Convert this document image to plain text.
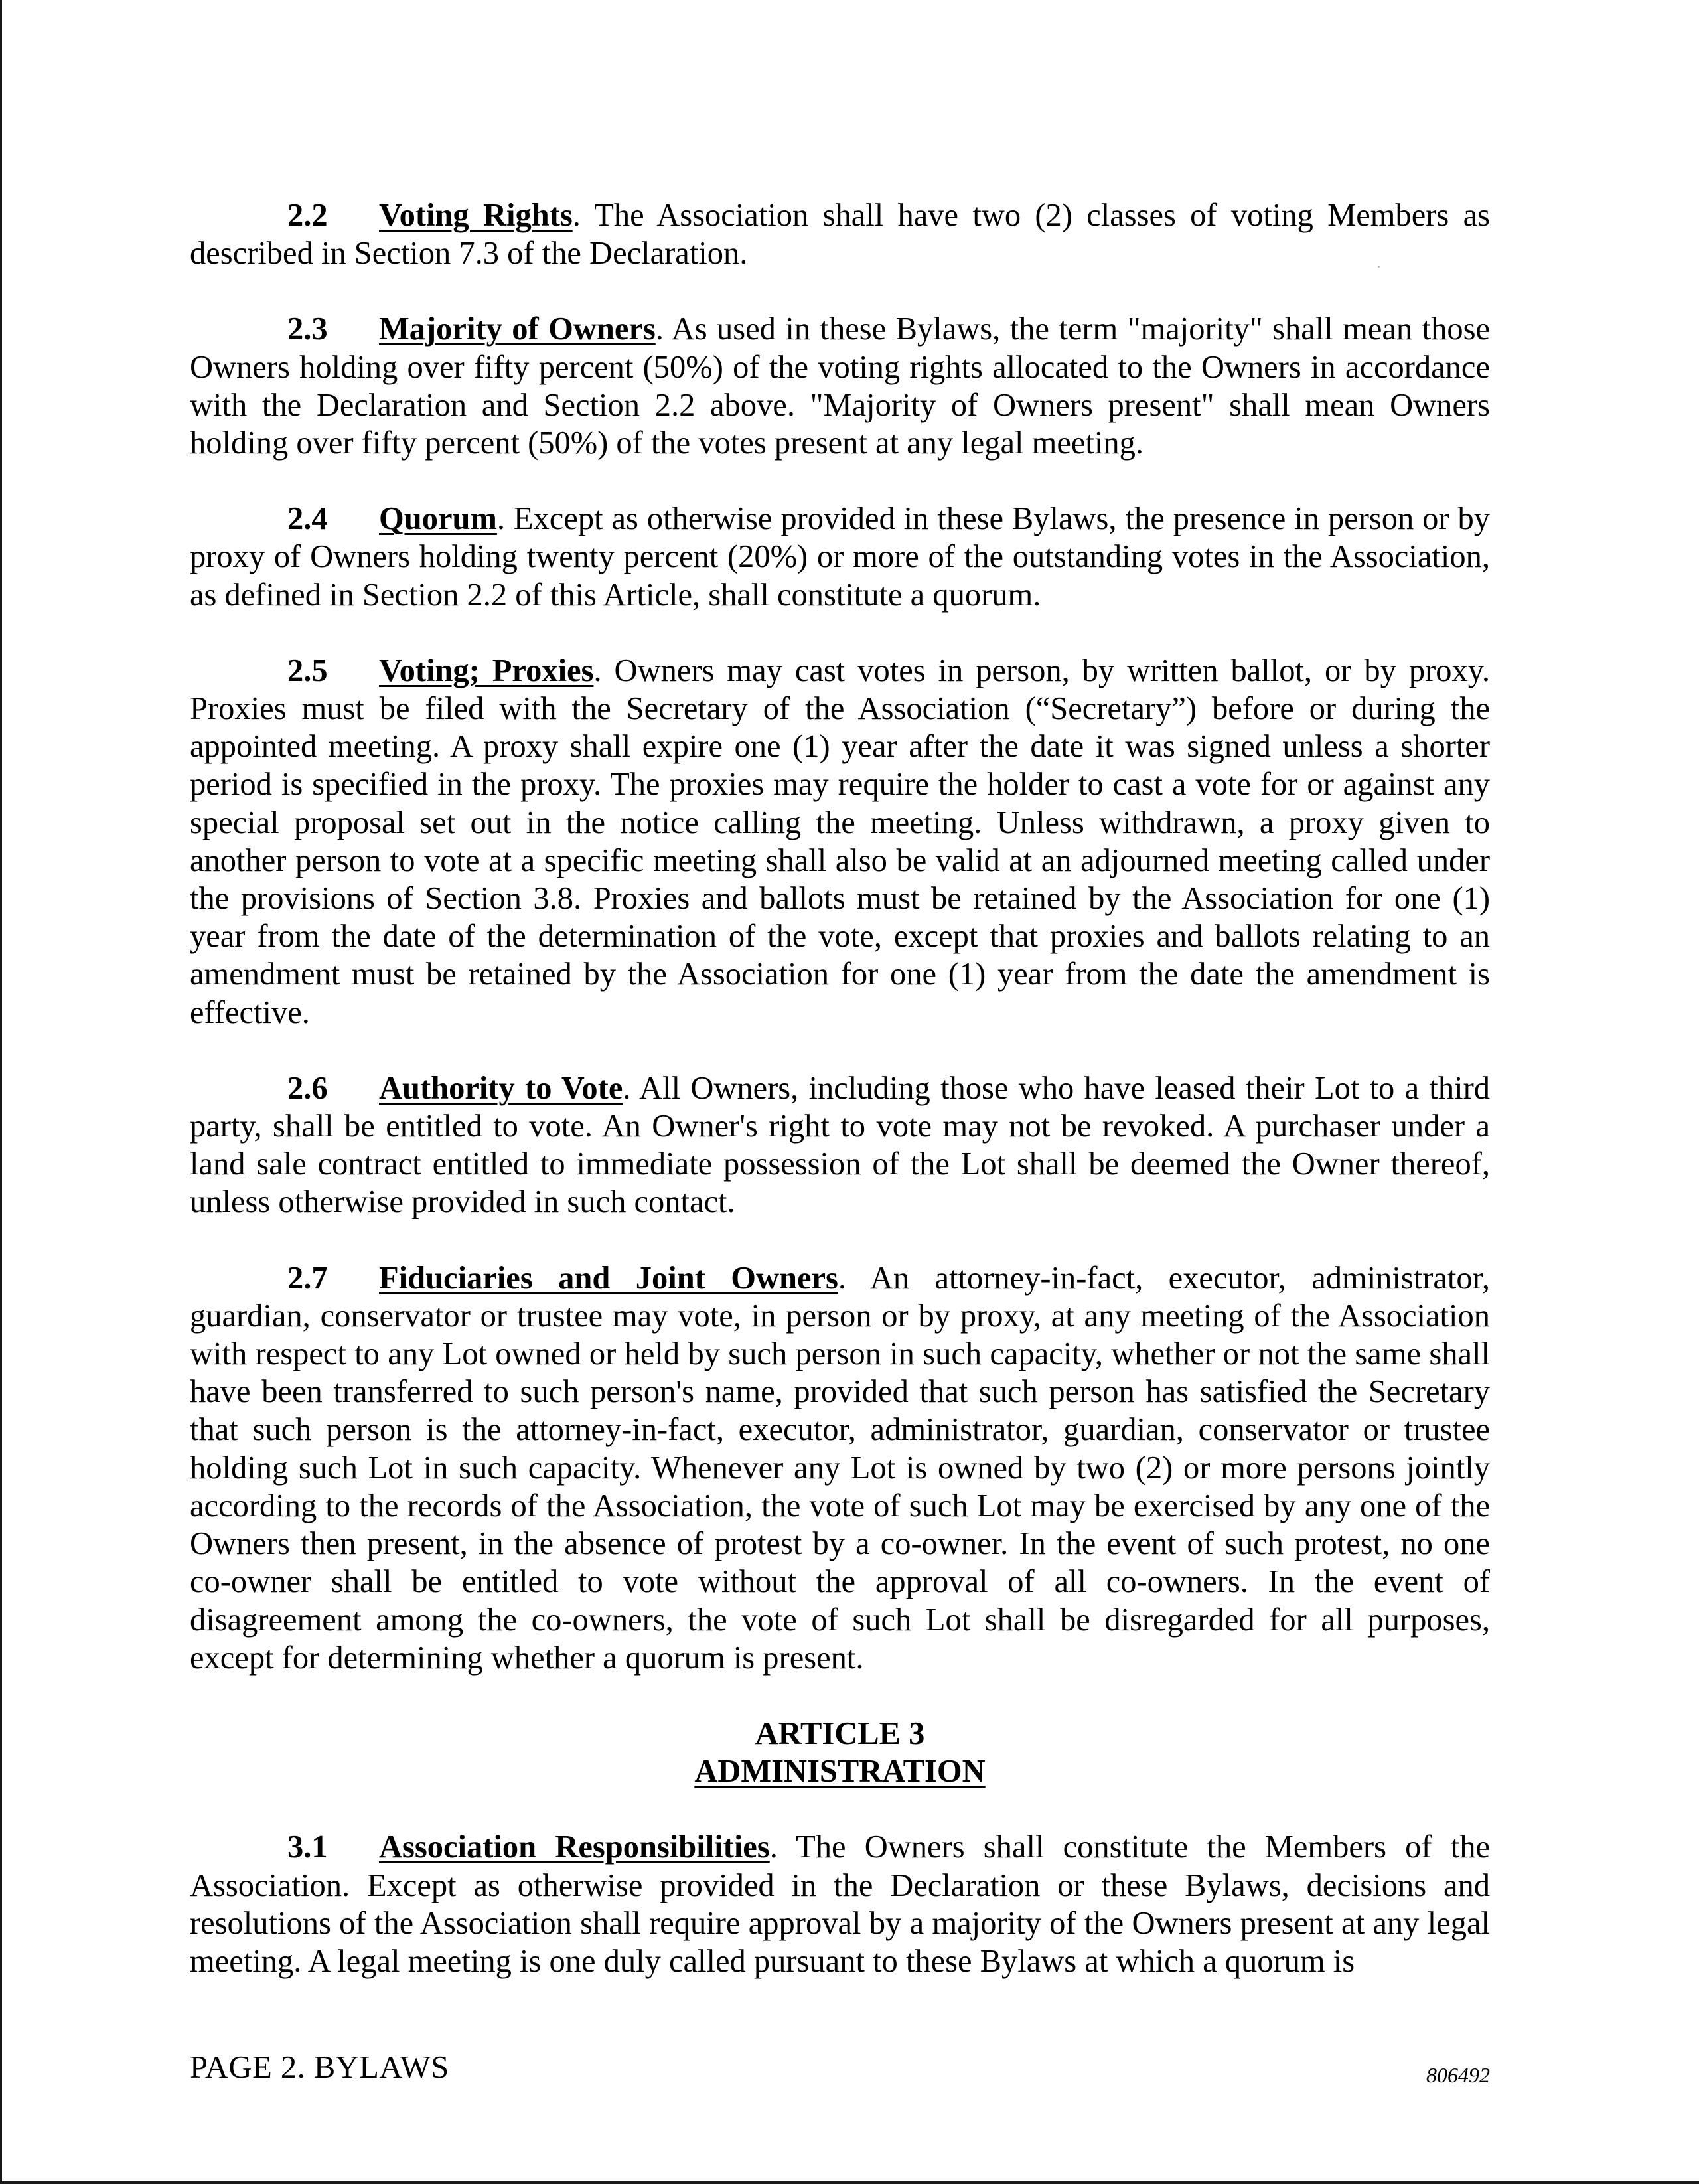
2.2 Voting Rights. The Association shall have two (2) classes of voting Members as described in Section 7.3 of the Declaration.

2.3 Majority of Owners. As used in these Bylaws, the term "majority" shall mean those Owners holding over fifty percent (50%) of the voting rights allocated to the Owners in accordance with the Declaration and Section 2.2 above. "Majority of Owners present" shall mean Owners holding over fifty percent (50%) of the votes present at any legal meeting.

2.4 Quorum. Except as otherwise provided in these Bylaws, the presence in person or by proxy of Owners holding twenty percent (20%) or more of the outstanding votes in the Association, as defined in Section 2.2 of this Article, shall constitute a quorum.

2.5 Voting; Proxies. Owners may cast votes in person, by written ballot, or by proxy. Proxies must be filed with the Secretary of the Association (“Secretary”) before or during the appointed meeting. A proxy shall expire one (1) year after the date it was signed unless a shorter period is specified in the proxy. The proxies may require the holder to cast a vote for or against any special proposal set out in the notice calling the meeting. Unless withdrawn, a proxy given to another person to vote at a specific meeting shall also be valid at an adjourned meeting called under the provisions of Section 3.8. Proxies and ballots must be retained by the Association for one (1) year from the date of the determination of the vote, except that proxies and ballots relating to an amendment must be retained by the Association for one (1) year from the date the amendment is effective.

2.6 Authority to Vote. All Owners, including those who have leased their Lot to a third party, shall be entitled to vote. An Owner's right to vote may not be revoked. A purchaser under a land sale contract entitled to immediate possession of the Lot shall be deemed the Owner thereof, unless otherwise provided in such contact.

2.7 Fiduciaries and Joint Owners. An attorney-in-fact, executor, administrator, guardian, conservator or trustee may vote, in person or by proxy, at any meeting of the Association with respect to any Lot owned or held by such person in such capacity, whether or not the same shall have been transferred to such person's name, provided that such person has satisfied the Secretary that such person is the attorney-in-fact, executor, administrator, guardian, conservator or trustee holding such Lot in such capacity. Whenever any Lot is owned by two (2) or more persons jointly according to the records of the Association, the vote of such Lot may be exercised by any one of the Owners then present, in the absence of protest by a co-owner. In the event of such protest, no one co-owner shall be entitled to vote without the approval of all co-owners. In the event of disagreement among the co-owners, the vote of such Lot shall be disregarded for all purposes, except for determining whether a quorum is present.

ARTICLE 3
ADMINISTRATION

3.1 Association Responsibilities. The Owners shall constitute the Members of the Association. Except as otherwise provided in the Declaration or these Bylaws, decisions and resolutions of the Association shall require approval by a majority of the Owners present at any legal meeting. A legal meeting is one duly called pursuant to these Bylaws at which a quorum is

PAGE 2. BYLAWS	806492
